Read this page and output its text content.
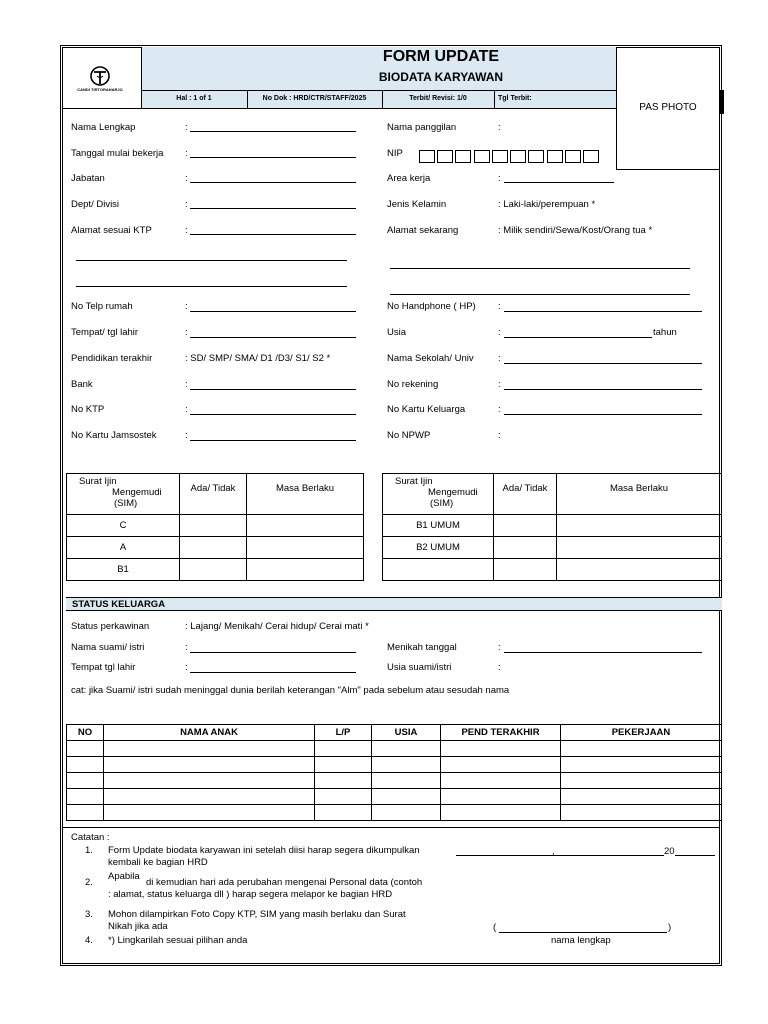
CANDI TIRTORAHARJO
FORM UPDATE
BIODATA KARYAWAN
Hal : 1 of 1	No Dok : HRD/CTR/STAFF/2025	Terbit/ Revisi: 1/0	Tgl Terbit:
PAS PHOTO
Nama Lengkap	:
Tanggal mulai bekerja :
Jabatan	:
Dept/ Divisi	:
Alamat sesuai KTP	:
No Telp rumah	:
Tempat/ tgl lahir	:
Pendidikan terakhir	: SD/ SMP/ SMA/ D1 /D3/ S1/ S2 *
Bank	:
No KTP	:
No Kartu Jamsostek	:
Nama panggilan	:
NIP
Area kerja	:
Jenis Kelamin	: Laki-laki/perempuan *
Alamat sekarang	: Milik sendiri/Sewa/Kost/Orang tua *
No Handphone ( HP) :
Usia	:	tahun
Nama Sekolah/ Univ	:
No rekening	:
No Kartu Keluarga	:
No NPWP	:
Surat Ijin
Mengemudi
(SIM)	Ada/ Tidak	Masa Berlaku
C		
A		
B1		
Surat Ijin
Mengemudi
(SIM)	Ada/ Tidak	Masa Berlaku
B1 UMUM		
B2 UMUM		

STATUS KELUARGA
Status perkawinan	: Lajang/ Menikah/ Cerai hidup/ Cerai mati *
Nama suami/ istri	:	Menikah tanggal	:
Tempat tgl lahir	:	Usia suami/istri	:
cat: jika Suami/ istri sudah meninggal dunia berilah keterangan "Alm" pada sebelum atau sesudah nama
NO	NAMA ANAK	L/P	USIA	PEND TERAKHIR	PEKERJAAN

Catatan :
1. Form Update biodata karyawan ini setelah diisi harap segera dikumpulkan
kembali ke bagian HRD
2.
Apabila
di kemudian hari ada perubahan mengenai Personal data (contoh
: alamat, status keluarga dll ) harap segera melapor ke bagian HRD
3. Mohon dilampirkan Foto Copy KTP, SIM yang masih berlaku dan Surat
Nikah jika ada
4. *) Lingkarilah sesuai pilihan anda
,	20
(	)
nama lengkap
